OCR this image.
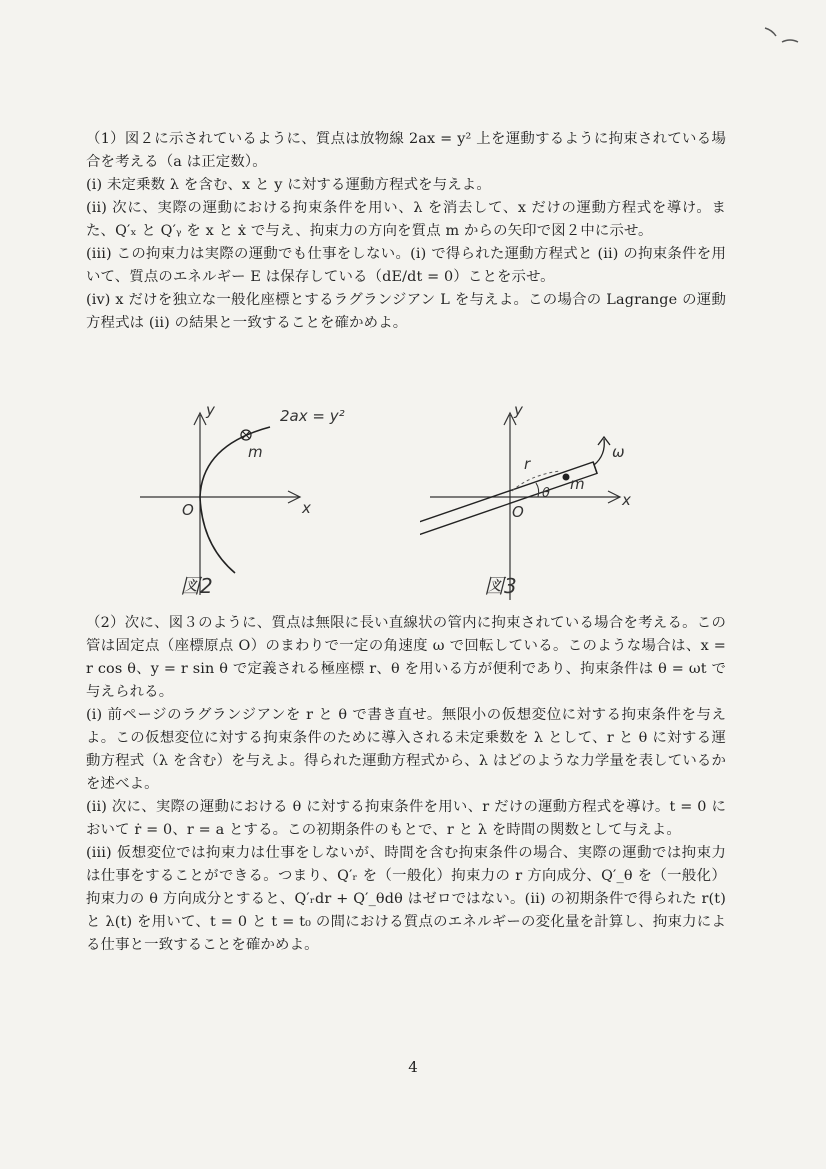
（1）図２に示されているように、質点は放物線 2ax = y² 上を運動するように拘束されている場合を考える（a は正定数）。

(i) 未定乗数 λ を含む、x と y に対する運動方程式を与えよ。

(ii) 次に、実際の運動における拘束条件を用い、λ を消去して、x だけの運動方程式を導け。また、Q′ₓ と Q′ᵧ を x と ẋ で与え、拘束力の方向を質点 m からの矢印で図２中に示せ。

(iii) この拘束力は実際の運動でも仕事をしない。(i) で得られた運動方程式と (ii) の拘束条件を用いて、質点のエネルギー E は保存している（dE/dt = 0）ことを示せ。

(iv) x だけを独立な一般化座標とするラグランジアン L を与えよ。この場合の Lagrange の運動方程式は (ii) の結果と一致することを確かめよ。

y
x
O
2ax = y²
m
図2
y
x
O
r
θ
m
ω
図3

（2）次に、図３のように、質点は無限に長い直線状の管内に拘束されている場合を考える。この管は固定点（座標原点 O）のまわりで一定の角速度 ω で回転している。このような場合は、x = r cos θ、y = r sin θ で定義される極座標 r、θ を用いる方が便利であり、拘束条件は θ = ωt で与えられる。

(i) 前ページのラグランジアンを r と θ で書き直せ。無限小の仮想変位に対する拘束条件を与えよ。この仮想変位に対する拘束条件のために導入される未定乗数を λ として、r と θ に対する運動方程式（λ を含む）を与えよ。得られた運動方程式から、λ はどのような力学量を表しているかを述べよ。

(ii) 次に、実際の運動における θ に対する拘束条件を用い、r だけの運動方程式を導け。t = 0 において ṙ = 0、r = a とする。この初期条件のもとで、r と λ を時間の関数として与えよ。

(iii) 仮想変位では拘束力は仕事をしないが、時間を含む拘束条件の場合、実際の運動では拘束力は仕事をすることができる。つまり、Q′ᵣ を（一般化）拘束力の r 方向成分、Q′_θ を（一般化）拘束力の θ 方向成分とすると、Q′ᵣdr + Q′_θdθ はゼロではない。(ii) の初期条件で得られた r(t) と λ(t) を用いて、t = 0 と t = t₀ の間における質点のエネルギーの変化量を計算し、拘束力による仕事と一致することを確かめよ。

4
